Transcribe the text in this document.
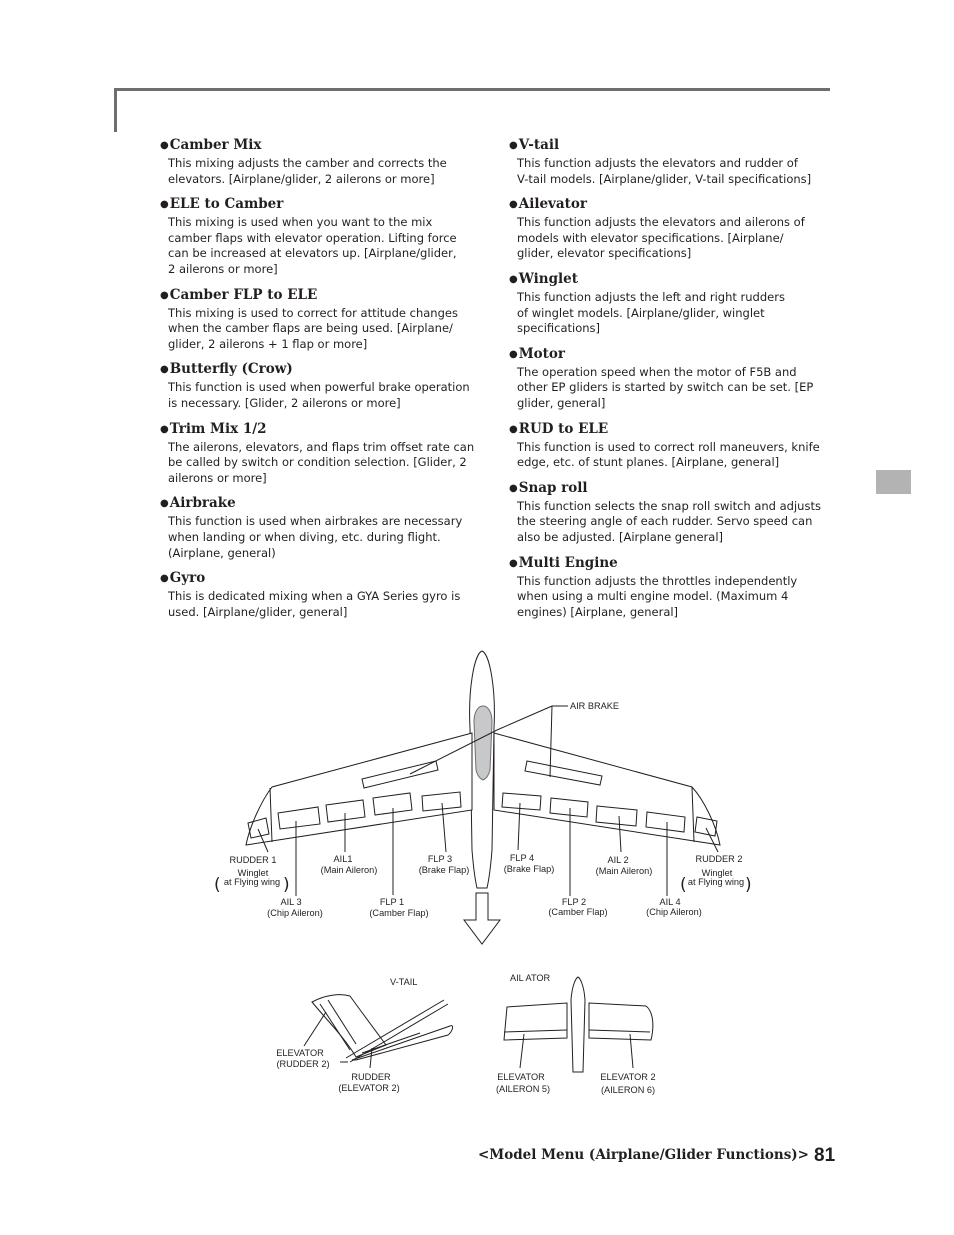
●Camber Mix

This mixing adjusts the camber and corrects the
elevators. [Airplane/glider, 2 ailerons or more]

●ELE to Camber

This mixing is used when you want to the mix
camber flaps with elevator operation. Lifting force
can be increased at elevators up. [Airplane/glider,
2 ailerons or more]

●Camber FLP to ELE

This mixing is used to correct for attitude changes
when the camber flaps are being used. [Airplane/
glider, 2 ailerons + 1 flap or more]

●Butterfly (Crow)

This function is used when powerful brake operation
is necessary. [Glider, 2 ailerons or more]

●Trim Mix 1/2

The ailerons, elevators, and flaps trim offset rate can
be called by switch or condition selection. [Glider, 2
ailerons or more]

●Airbrake

This function is used when airbrakes are necessary
when landing or when diving, etc. during flight.
(Airplane, general)

●Gyro

This is dedicated mixing when a GYA Series gyro is
used. [Airplane/glider, general]

●V-tail

This function adjusts the elevators and rudder of
V-tail models. [Airplane/glider, V-tail specifications]

●Ailevator

This function adjusts the elevators and ailerons of
models with elevator specifications. [Airplane/
glider, elevator specifications]

●Winglet

This function adjusts the left and right rudders
of winglet models. [Airplane/glider, winglet
specifications]

●Motor

The operation speed when the motor of F5B and
other EP gliders is started by switch can be set. [EP
glider, general]

●RUD to ELE

This function is used to correct roll maneuvers, knife
edge, etc. of stunt planes. [Airplane, general]

●Snap roll

This function selects the snap roll switch and adjusts
the steering angle of each rudder. Servo speed can
also be adjusted. [Airplane general]

●Multi Engine

This function adjusts the throttles independently
when using a multi engine model. (Maximum 4
engines) [Airplane, general]

AIR BRAKE
RUDDER 1
Winglet
( at Flying wing )
AIL1
(Main Aileron)
FLP 3
(Brake Flap)
FLP 4
(Brake Flap)
AIL 2
(Main Aileron)
RUDDER 2
Winglet
( at Flying wing )
AIL 3
(Chip Aileron)
FLP 1
(Camber Flap)
FLP 2
(Camber Flap)
AIL 4
(Chip Aileron)
V-TAIL	AIL ATOR
ELEVATOR
(RUDDER 2)
RUDDER
(ELEVATOR 2)
ELEVATOR
(AILERON 5)
ELEVATOR 2
(AILERON 6)
<Model Menu (Airplane/Glider Functions)> 81
